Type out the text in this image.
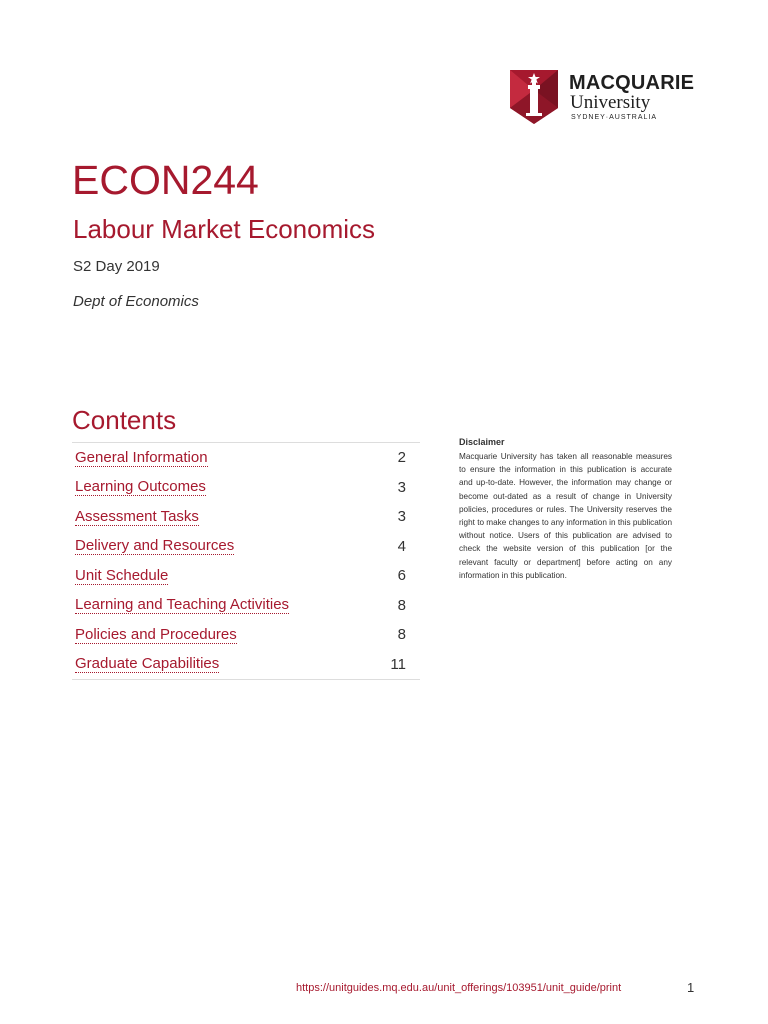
MACQUARIE
University
SYDNEY·AUSTRALIA
ECON244
Labour Market Economics
S2 Day 2019
Dept of Economics
Contents
General Information	2
Learning Outcomes	3
Assessment Tasks	3
Delivery and Resources	4
Unit Schedule	6
Learning and Teaching Activities	8
Policies and Procedures	8
Graduate Capabilities	11
Disclaimer
Macquarie University has taken all reasonable measures to ensure the information in this publication is accurate and up-to-date. However, the information may change or become out-dated as a result of change in University policies, procedures or rules. The University reserves the right to make changes to any information in this publication without notice. Users of this publication are advised to check the website version of this publication [or the relevant faculty or department] before acting on any information in this publication.
https://unitguides.mq.edu.au/unit_offerings/103951/unit_guide/print	1
